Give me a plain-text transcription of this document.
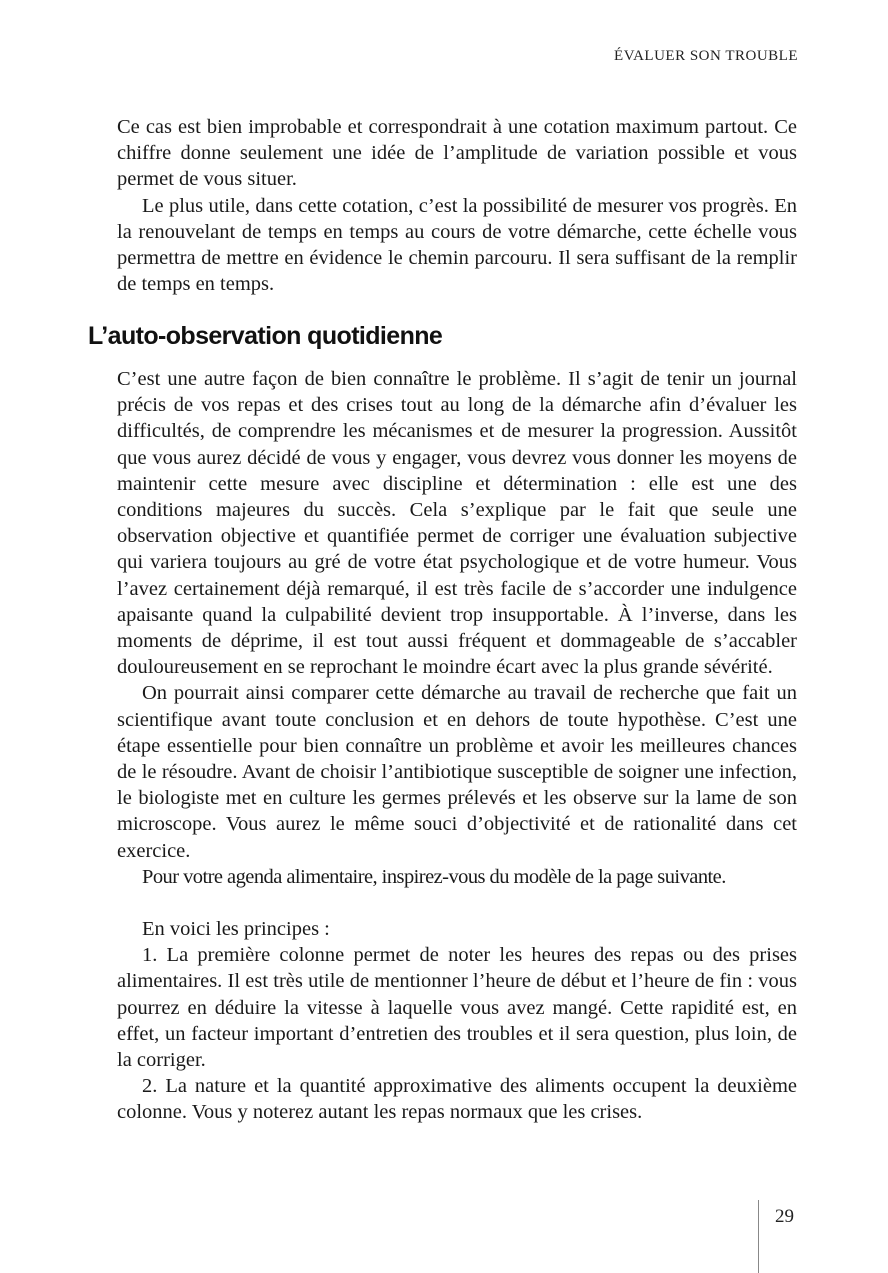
ÉVALUER SON TROUBLE

Ce cas est bien improbable et correspondrait à une cotation maximum partout. Ce chiffre donne seulement une idée de l’amplitude de variation possible et vous permet de vous situer.

Le plus utile, dans cette cotation, c’est la possibilité de mesurer vos progrès. En la renouvelant de temps en temps au cours de votre démarche, cette échelle vous permettra de mettre en évidence le chemin parcouru. Il sera suffisant de la remplir de temps en temps.

L’auto-observation quotidienne

C’est une autre façon de bien connaître le problème. Il s’agit de tenir un journal précis de vos repas et des crises tout au long de la démarche afin d’évaluer les difficultés, de comprendre les mécanismes et de mesurer la progression. Aussitôt que vous aurez décidé de vous y engager, vous devrez vous donner les moyens de maintenir cette mesure avec discipline et détermination : elle est une des conditions majeures du succès. Cela s’explique par le fait que seule une observation objective et quantifiée permet de corriger une évaluation subjective qui variera toujours au gré de votre état psychologique et de votre humeur. Vous l’avez certainement déjà remarqué, il est très facile de s’accorder une indulgence apaisante quand la culpabilité devient trop insupportable. À l’inverse, dans les moments de déprime, il est tout aussi fréquent et dommageable de s’accabler douloureusement en se reprochant le moindre écart avec la plus grande sévérité.

On pourrait ainsi comparer cette démarche au travail de recherche que fait un scientifique avant toute conclusion et en dehors de toute hypothèse. C’est une étape essentielle pour bien connaître un problème et avoir les meilleures chances de le résoudre. Avant de choisir l’antibiotique susceptible de soigner une infection, le biologiste met en culture les germes prélevés et les observe sur la lame de son microscope. Vous aurez le même souci d’objectivité et de rationalité dans cet exercice.

Pour votre agenda alimentaire, inspirez-vous du modèle de la page suivante.

En voici les principes :

1. La première colonne permet de noter les heures des repas ou des prises alimentaires. Il est très utile de mentionner l’heure de début et l’heure de fin : vous pourrez en déduire la vitesse à laquelle vous avez mangé. Cette rapidité est, en effet, un facteur important d’entretien des troubles et il sera question, plus loin, de la corriger.

2. La nature et la quantité approximative des aliments occupent la deuxième colonne. Vous y noterez autant les repas normaux que les crises.

29
